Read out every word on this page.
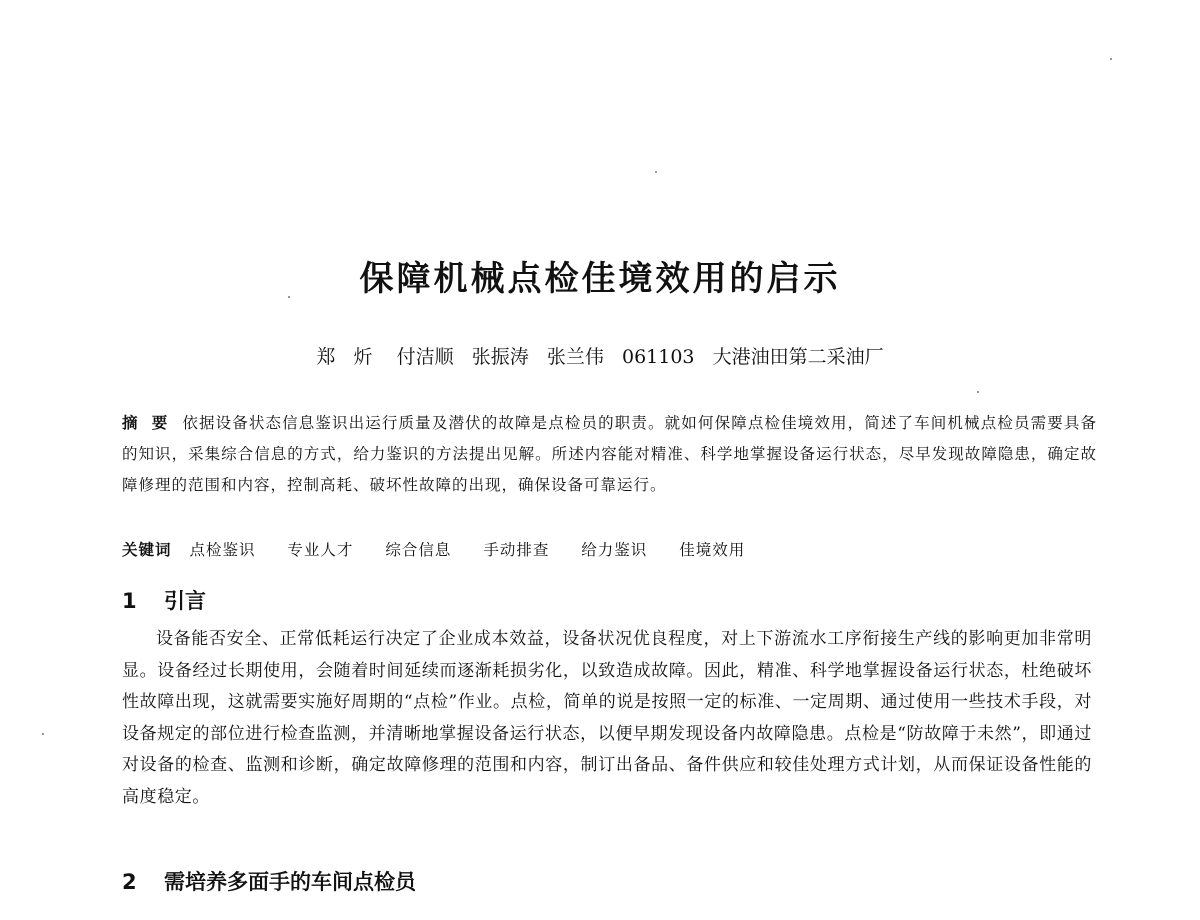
保障机械点检佳境效用的启示
郑   炘    付洁顺   张振涛   张兰伟   061103   大港油田第二采油厂
摘  要 依据设备状态信息鉴识出运行质量及潜伏的故障是点检员的职责。就如何保障点检佳境效用，简述了车间机械点检员需要具备的知识，采集综合信息的方式，给力鉴识的方法提出见解。所述内容能对精准、科学地掌握设备运行状态，尽早发现故障隐患，确定故障修理的范围和内容，控制高耗、破坏性故障的出现，确保设备可靠运行。
关键词 点检鉴识 专业人才 综合信息 手动排查 给力鉴识 佳境效用
1 引言
设备能否安全、正常低耗运行决定了企业成本效益，设备状况优良程度，对上下游流水工序衔接生产线的影响更加非常明显。设备经过长期使用，会随着时间延续而逐渐耗损劣化，以致造成故障。因此，精准、科学地掌握设备运行状态，杜绝破坏性故障出现，这就需要实施好周期的“点检”作业。点检，简单的说是按照一定的标准、一定周期、通过使用一些技术手段，对设备规定的部位进行检查监测，并清晰地掌握设备运行状态，以便早期发现设备内故障隐患。点检是“防故障于未然”，即通过对设备的检查、监测和诊断，确定故障修理的范围和内容，制订出备品、备件供应和较佳处理方式计划，从而保证设备性能的高度稳定。
2 需培养多面手的车间点检员
